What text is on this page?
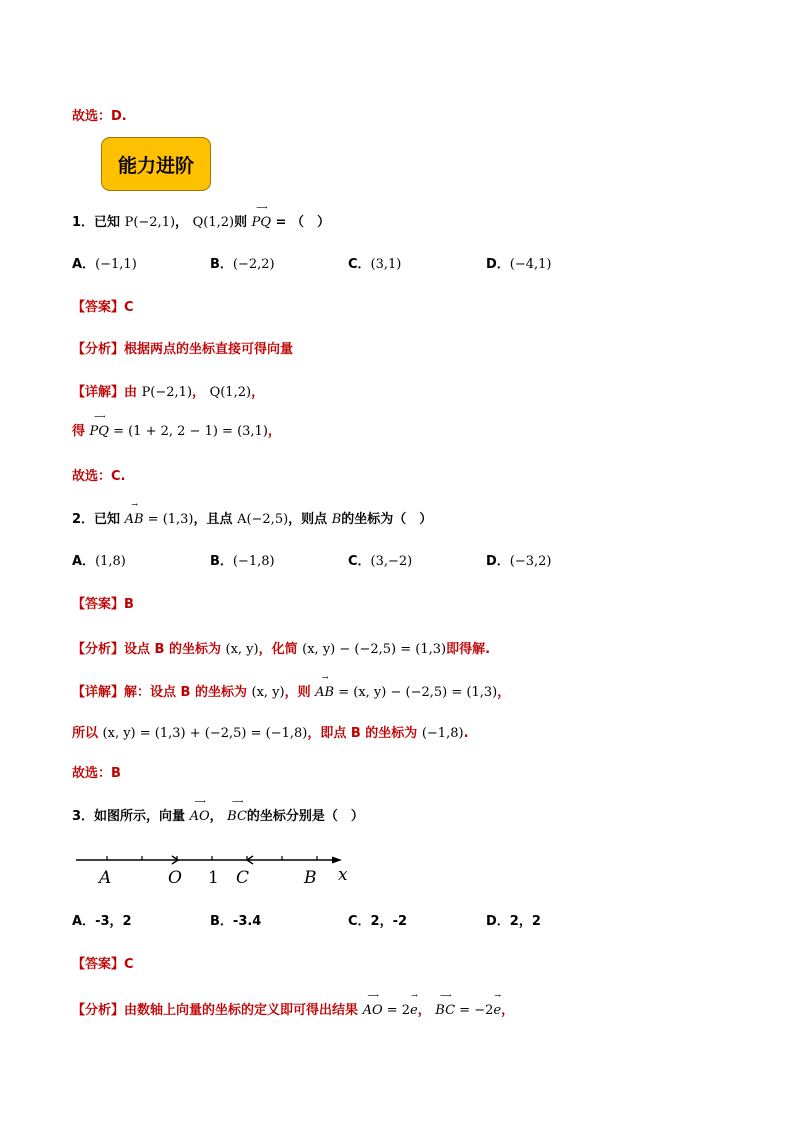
故选：D.
能力进阶
1．已知 P(−2,1)， Q(1,2)则
⟶
PQ = （　）
A．(−1,1)	B．(−2,2)	C．(3,1)	D．(−4,1)
【答案】C
【分析】根据两点的坐标直接可得向量
【详解】由 P(−2,1)， Q(1,2)，
得
⟶
PQ = (1 + 2, 2 − 1) = (3,1)，
故选：C.
2．已知
→
AB = (1,3)，且点 A(−2,5)，则点 B的坐标为（　）
A．(1,8)	B．(−1,8)	C．(3,−2)	D．(−3,2)
【答案】B
【分析】设点 B 的坐标为 (x, y)，化简 (x, y) − (−2,5) = (1,3)即得解.
【详解】解：设点 B 的坐标为 (x, y)，则
→
AB = (x, y) − (−2,5) = (1,3)，
所以 (x, y) = (1,3) + (−2,5) = (−1,8)，即点 B 的坐标为 (−1,8).
故选：B
3．如图所示，向量
⟶
AO，
⟶
BC的坐标分别是（　）
A	O 1 C	B x
A．-3，2	B．-3.4	C．2，-2	D．2，2
【答案】C
【分析】由数轴上向量的坐标的定义即可得出结果
⟶
AO = 2
→
e，
⟶
BC = −2
→
e，
